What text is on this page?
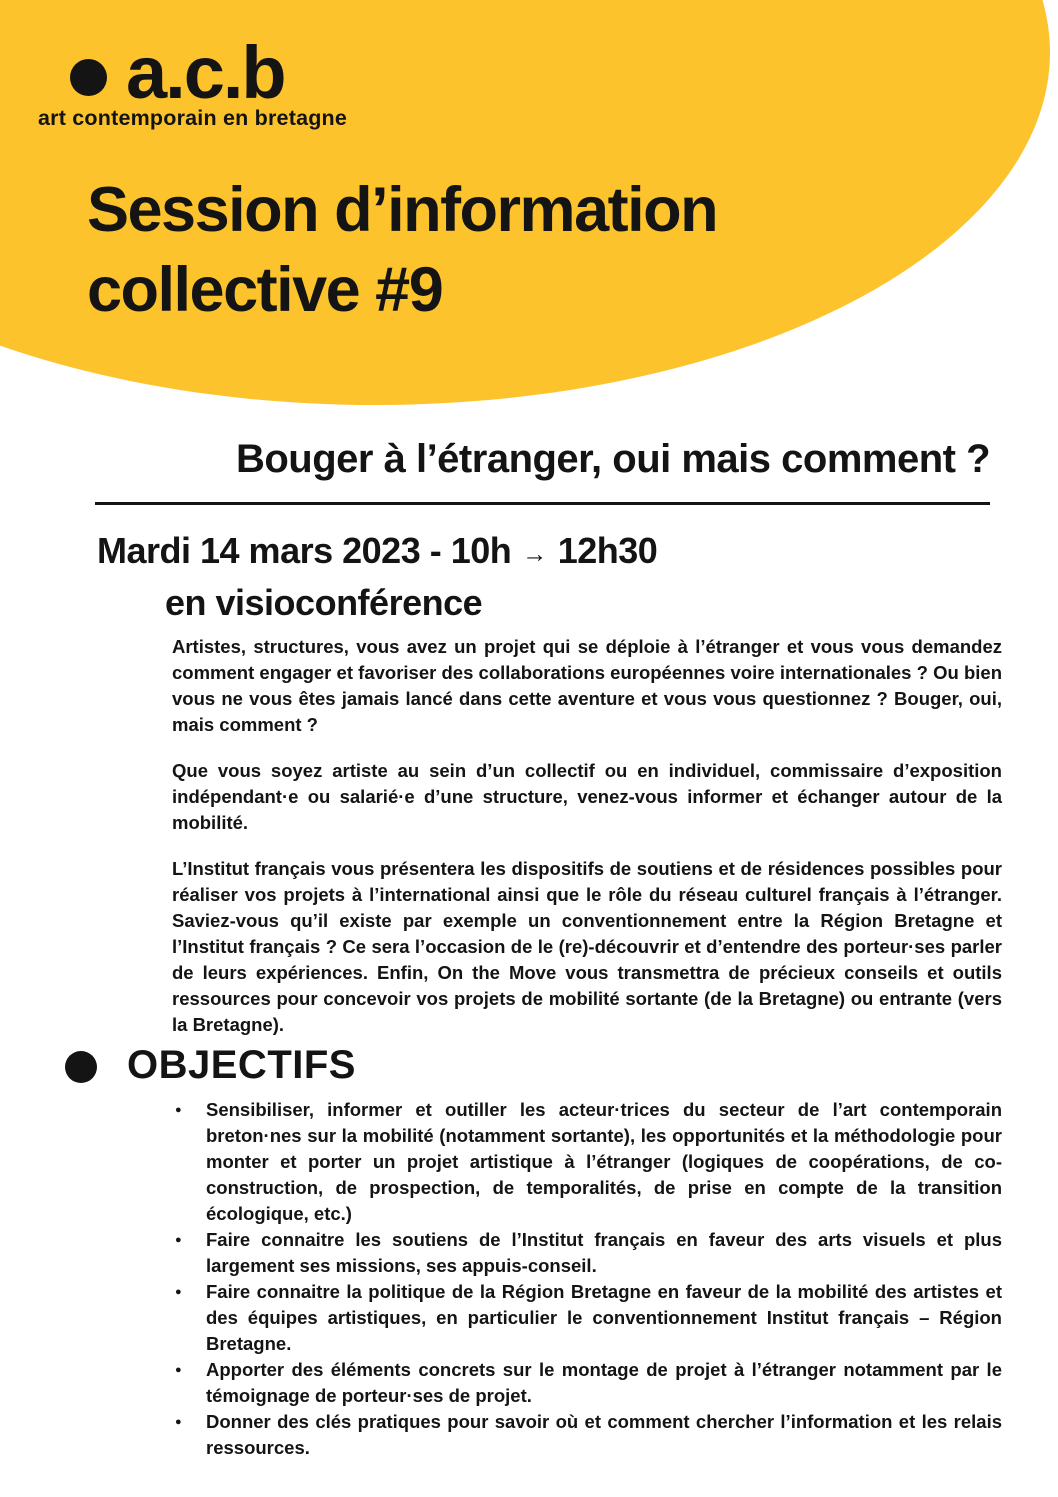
a.c.b
art contemporain en bretagne
Session d’information
collective #9
Bouger à l’étranger, oui mais comment ?
Mardi 14 mars 2023 - 10h → 12h30
en visioconférence

Artistes, structures, vous avez un projet qui se déploie à l’étranger et vous vous demandez comment engager et favoriser des collaborations européennes voire internationales ? Ou bien vous ne vous êtes jamais lancé dans cette aventure et vous vous questionnez ? Bouger, oui, mais comment ?

Que vous soyez artiste au sein d’un collectif ou en individuel, commissaire d’exposition indépendant·e ou salarié·e d’une structure, venez-vous informer et échanger autour de la mobilité.

L’Institut français vous présentera les dispositifs de soutiens et de résidences possibles pour réaliser vos projets à l’international ainsi que le rôle du réseau culturel français à l’étranger. Saviez-vous qu’il existe par exemple un conventionnement entre la Région Bretagne et l’Institut français ? Ce sera l’occasion de le (re)-découvrir et d’entendre des porteur·ses parler de leurs expériences. Enfin, On the Move vous transmettra de précieux conseils et outils ressources pour concevoir vos projets de mobilité sortante (de la Bretagne) ou entrante (vers la Bretagne).

OBJECTIFS
● Sensibiliser, informer et outiller les acteur·trices du secteur de l’art contemporain breton·nes sur la mobilité (notamment sortante), les opportunités et la méthodologie pour monter et porter un projet artistique à l’étranger (logiques de coopérations, de co-construction, de prospection, de temporalités, de prise en compte de la transition écologique, etc.)
● Faire connaitre les soutiens de l’Institut français en faveur des arts visuels et plus largement ses missions, ses appuis-conseil.
● Faire connaitre la politique de la Région Bretagne en faveur de la mobilité des artistes et des équipes artistiques, en particulier le conventionnement Institut français – Région Bretagne.
● Apporter des éléments concrets sur le montage de projet à l’étranger notamment par le témoignage de porteur·ses de projet.
● Donner des clés pratiques pour savoir où et comment chercher l’information et les relais ressources.
